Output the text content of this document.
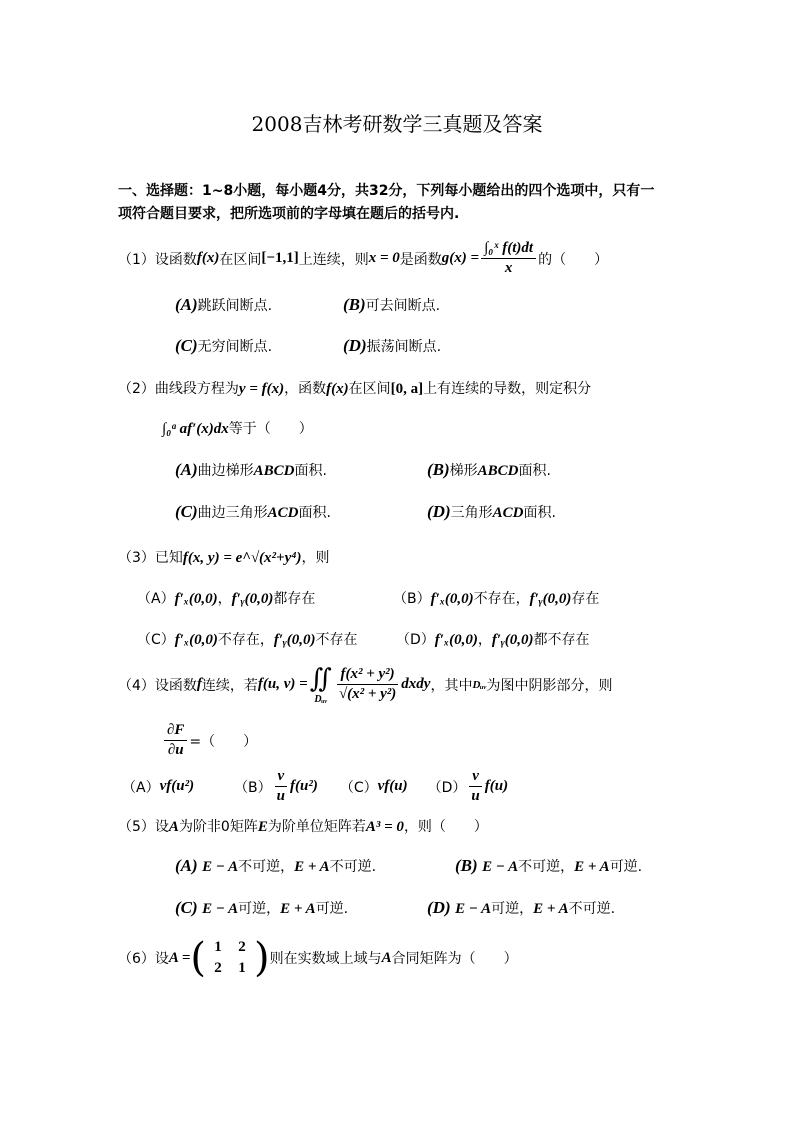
2008吉林考研数学三真题及答案
一、选择题：1~8小题，每小题4分，共32分，下列每小题给出的四个选项中，只有一
项符合题目要求，把所选项前的字母填在题后的括号内.
（1） 设函数 f(x) 在区间 [−1,1] 上连续，则 x = 0 是函数 $g(x) = \frac{\text{∫₀ˣ f(t)dt}}{x}$ 的（　　）
(A)跳跃间断点.	(B)可去间断点.
(C)无穷间断点.	(D)振荡间断点.
（2）曲线段方程为y = f(x)，函数f(x)在区间[0, a]上有连续的导数，则定积分
∫₀ᵃ af′(x)dx等于（　　）
(A)曲边梯形ABCD面积.	(B)梯形ABCD面积.
(C)曲边三角形ACD面积.	(D)三角形ACD面积.
（3）已知f(x, y) = e^√(x²+y⁴)，则
（A）f′ₓ(0,0)，f′ᵧ(0,0)都存在	（B）f′ₓ(0,0)不存在，f′ᵧ(0,0)存在
（C）f′ₓ(0,0)不存在，f′ᵧ(0,0)不存在	（D）f′ₓ(0,0)，f′ᵧ(0,0)都不存在
（4） 设函数 f 连续，若 f(u, v) = ∬
Dᵤᵥ $\frac{\text{f(x² + y²)}}{\text{√(x² + y²)}}$ dxdy ，其中 Dᵤᵥ 为图中阴影部分，则
$\frac{\partial F}{\partial u}$ =（　　）
（A） vf(u²)	$(B) \frac{v}{u} f(u^2)$ （C） vf(u) $(D) \frac{v}{u} f(u)$
（5）设A为阶非0矩阵E为阶单位矩阵若A³ = 0，则（　　）
(A) E − A不可逆，E + A不可逆.	(B) E − A不可逆，E + A可逆.
(C) E − A可逆，E + A可逆.	(D) E − A可逆，E + A不可逆.
（6） 设 A = ( 1	2
2	1 ) 则在实数域上域与 A 合同矩阵为（　　）
